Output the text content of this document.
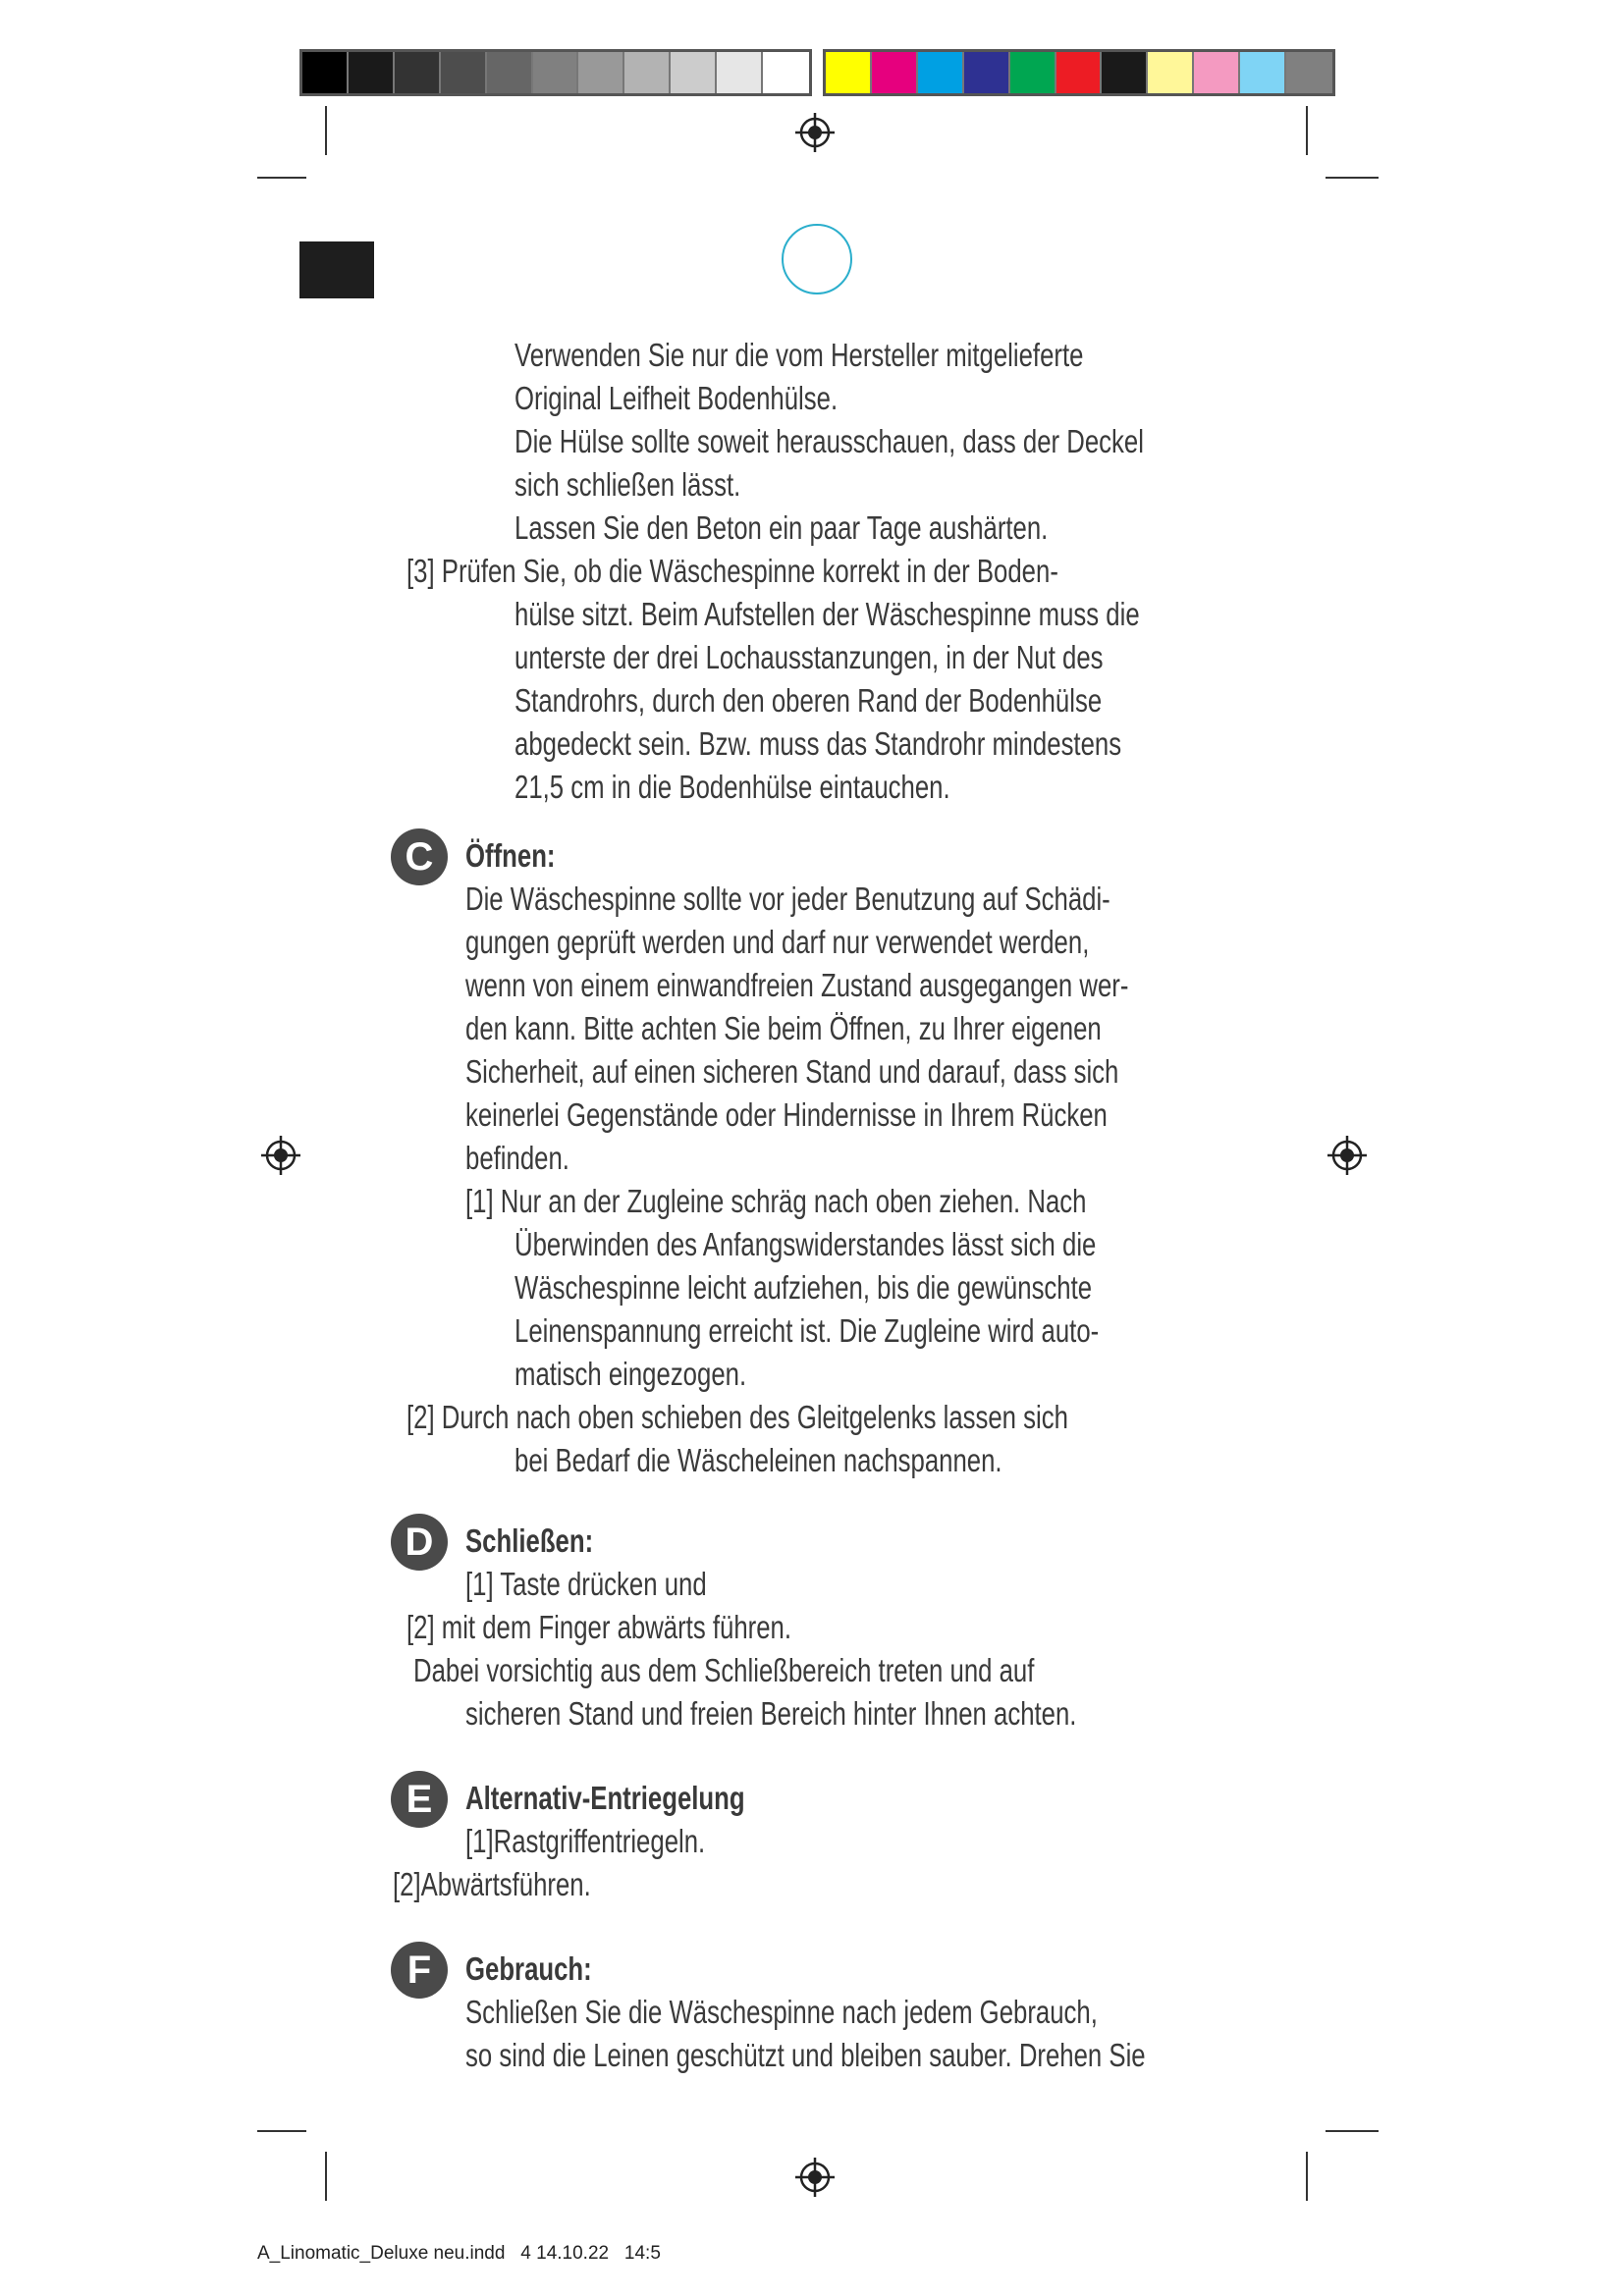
Verwenden Sie nur die vom Hersteller mitgelieferte
Original Leifheit Bodenhülse.
Die Hülse sollte soweit herausschauen, dass der Deckel
sich schließen lässt.
Lassen Sie den Beton ein paar Tage aushärten.
[3] Prüfen Sie, ob die Wäschespinne korrekt in der Boden-
hülse sitzt. Beim Aufstellen der Wäschespinne muss die
unterste der drei Lochausstanzungen, in der Nut des
Standrohrs, durch den oberen Rand der Bodenhülse
abgedeckt sein. Bzw. muss das Standrohr mindestens
21,5 cm in die Bodenhülse eintauchen.
C Öffnen:
Die Wäschespinne sollte vor jeder Benutzung auf Schädi-
gungen geprüft werden und darf nur verwendet werden,
wenn von einem einwandfreien Zustand ausgegangen wer-
den kann. Bitte achten Sie beim Öffnen, zu Ihrer eigenen
Sicherheit, auf einen sicheren Stand und darauf, dass sich
keinerlei Gegenstände oder Hindernisse in Ihrem Rücken
befinden.
[1] Nur an der Zugleine schräg nach oben ziehen. Nach
Überwinden des Anfangswiderstandes lässt sich die
Wäschespinne leicht aufziehen, bis die gewünschte
Leinenspannung erreicht ist. Die Zugleine wird auto-
matisch eingezogen.
[2] Durch nach oben schieben des Gleitgelenks lassen sich
bei Bedarf die Wäscheleinen nachspannen.
D Schließen:
[1] Taste drücken und
[2] mit dem Finger abwärts führen.
Dabei vorsichtig aus dem Schließbereich treten und auf
sicheren Stand und freien Bereich hinter Ihnen achten.
E	Alternativ-Entriegelung
[1]Rastgriffentriegeln.
[2]Abwärtsführen.
F	Gebrauch:
Schließen Sie die Wäschespinne nach jedem Gebrauch,
so sind die Leinen geschützt und bleiben sauber. Drehen Sie
A_Linomatic_Deluxe neu.indd   4 14.10.22   14:5
